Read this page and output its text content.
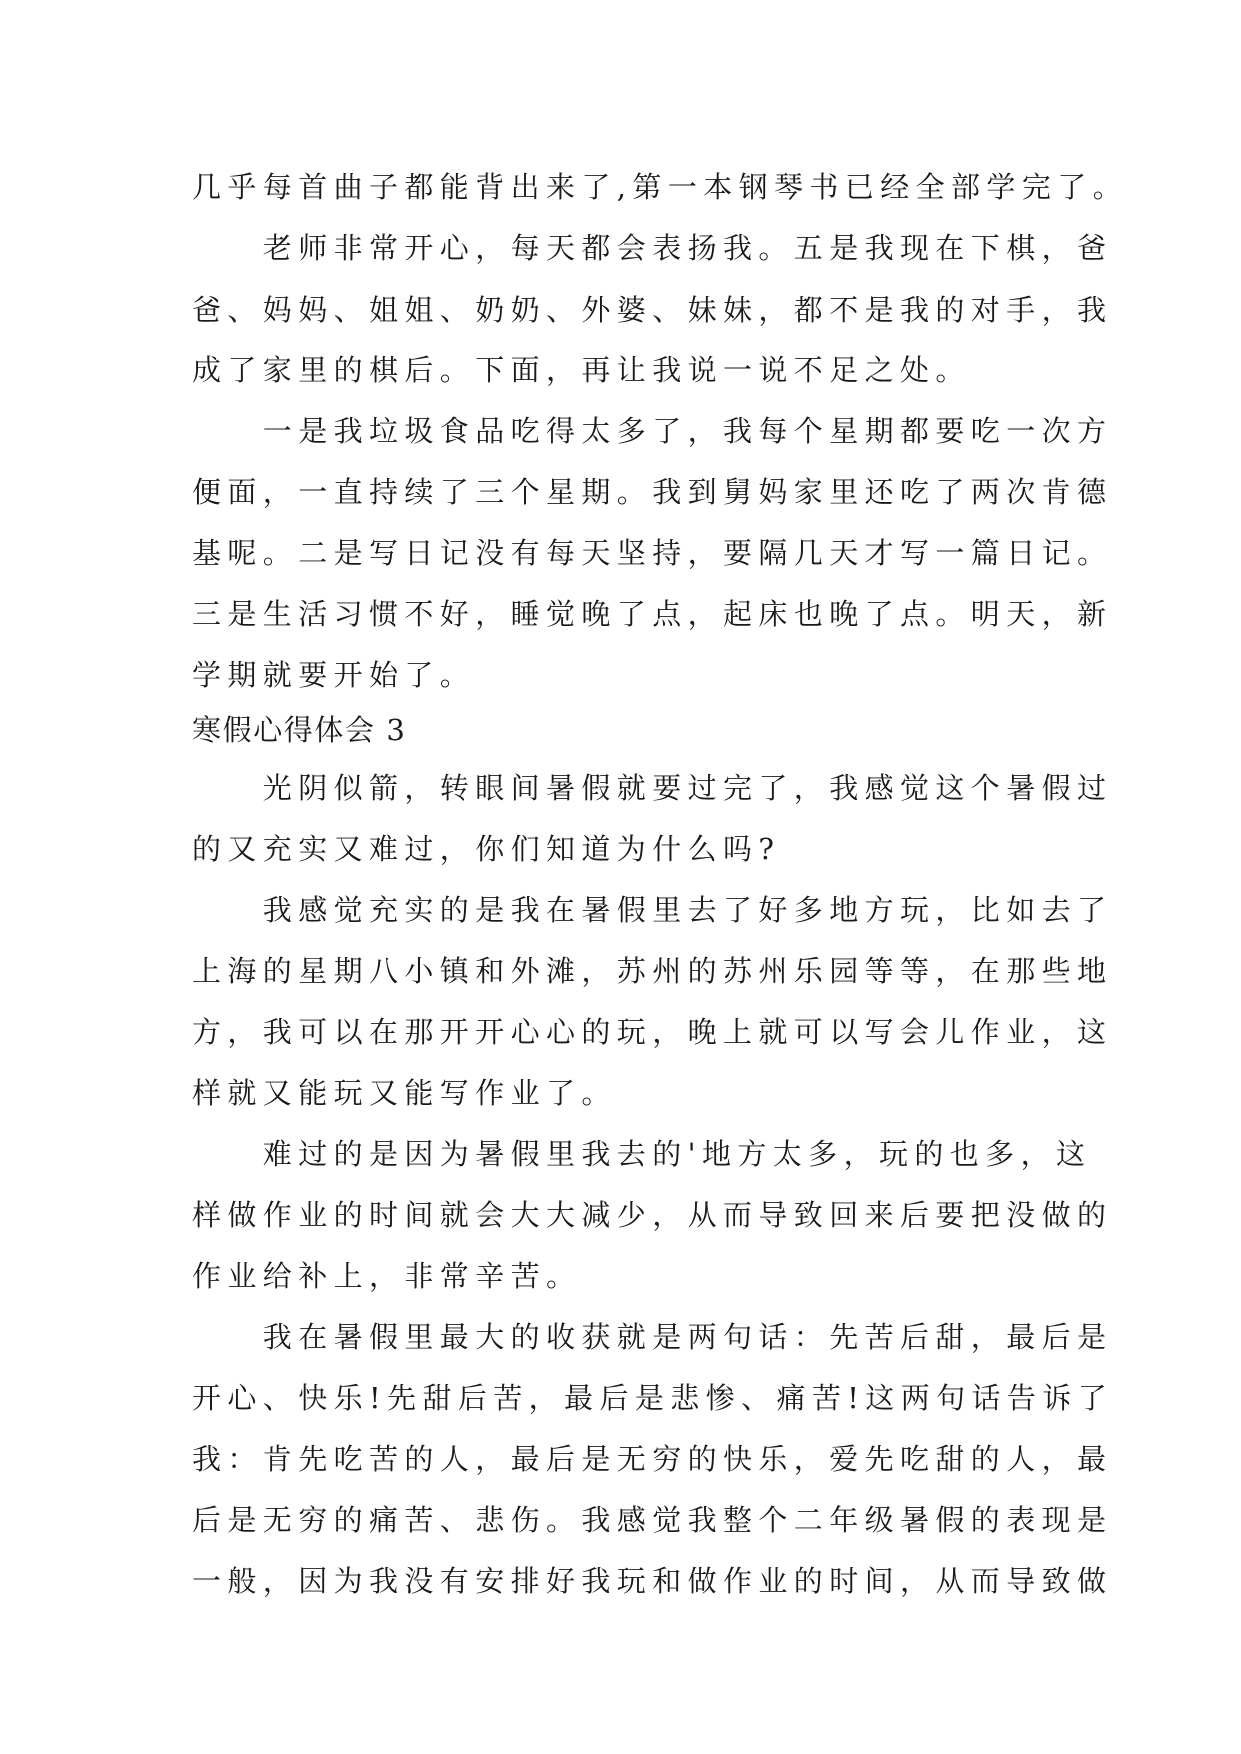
几乎每首曲子都能背出来了,第一本钢琴书已经全部学完了。
　　老师非常开心，每天都会表扬我。五是我现在下棋，爸
爸、妈妈、姐姐、奶奶、外婆、妹妹，都不是我的对手，我
成了家里的棋后。下面，再让我说一说不足之处。
　　一是我垃圾食品吃得太多了，我每个星期都要吃一次方
便面，一直持续了三个星期。我到舅妈家里还吃了两次肯德
基呢。二是写日记没有每天坚持，要隔几天才写一篇日记。
三是生活习惯不好，睡觉晚了点，起床也晚了点。明天，新
学期就要开始了。
寒假心得体会 3
　　光阴似箭，转眼间暑假就要过完了，我感觉这个暑假过
的又充实又难过，你们知道为什么吗?
　　我感觉充实的是我在暑假里去了好多地方玩，比如去了
上海的星期八小镇和外滩，苏州的苏州乐园等等，在那些地
方，我可以在那开开心心的玩，晚上就可以写会儿作业，这
样就又能玩又能写作业了。
　　难过的是因为暑假里我去的'地方太多，玩的也多，这
样做作业的时间就会大大减少，从而导致回来后要把没做的
作业给补上，非常辛苦。
　　我在暑假里最大的收获就是两句话：先苦后甜，最后是
开心、快乐!先甜后苦，最后是悲惨、痛苦!这两句话告诉了
我：肯先吃苦的人，最后是无穷的快乐，爱先吃甜的人，最
后是无穷的痛苦、悲伤。我感觉我整个二年级暑假的表现是
一般，因为我没有安排好我玩和做作业的时间，从而导致做
